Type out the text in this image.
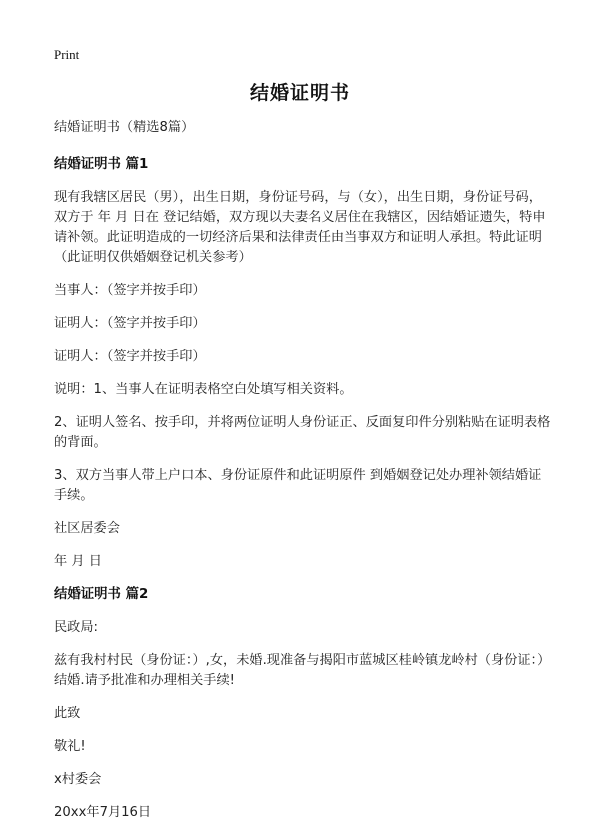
Print
结婚证明书

结婚证明书（精选8篇）

结婚证明书 篇1

现有我辖区居民（男），出生日期，身份证号码，与（女），出生日期，身份证号码，双方于 年 月 日在 登记结婚，双方现以夫妻名义居住在我辖区，因结婚证遗失，特申请补领。此证明造成的一切经济后果和法律责任由当事双方和证明人承担。特此证明（此证明仅供婚姻登记机关参考）

当事人：（签字并按手印）

证明人：（签字并按手印）

证明人：（签字并按手印）

说明：1、当事人在证明表格空白处填写相关资料。

2、证明人签名、按手印，并将两位证明人身份证正、反面复印件分别粘贴在证明表格的背面。

3、双方当事人带上户口本、身份证原件和此证明原件 到婚姻登记处办理补领结婚证手续。

社区居委会

年 月 日

结婚证明书 篇2

民政局:

兹有我村村民（身份证：）,女，未婚.现准备与揭阳市蓝城区桂岭镇龙岭村（身份证：）结婚.请予批准和办理相关手续!

此致

敬礼!

x村委会

20xx年7月16日
